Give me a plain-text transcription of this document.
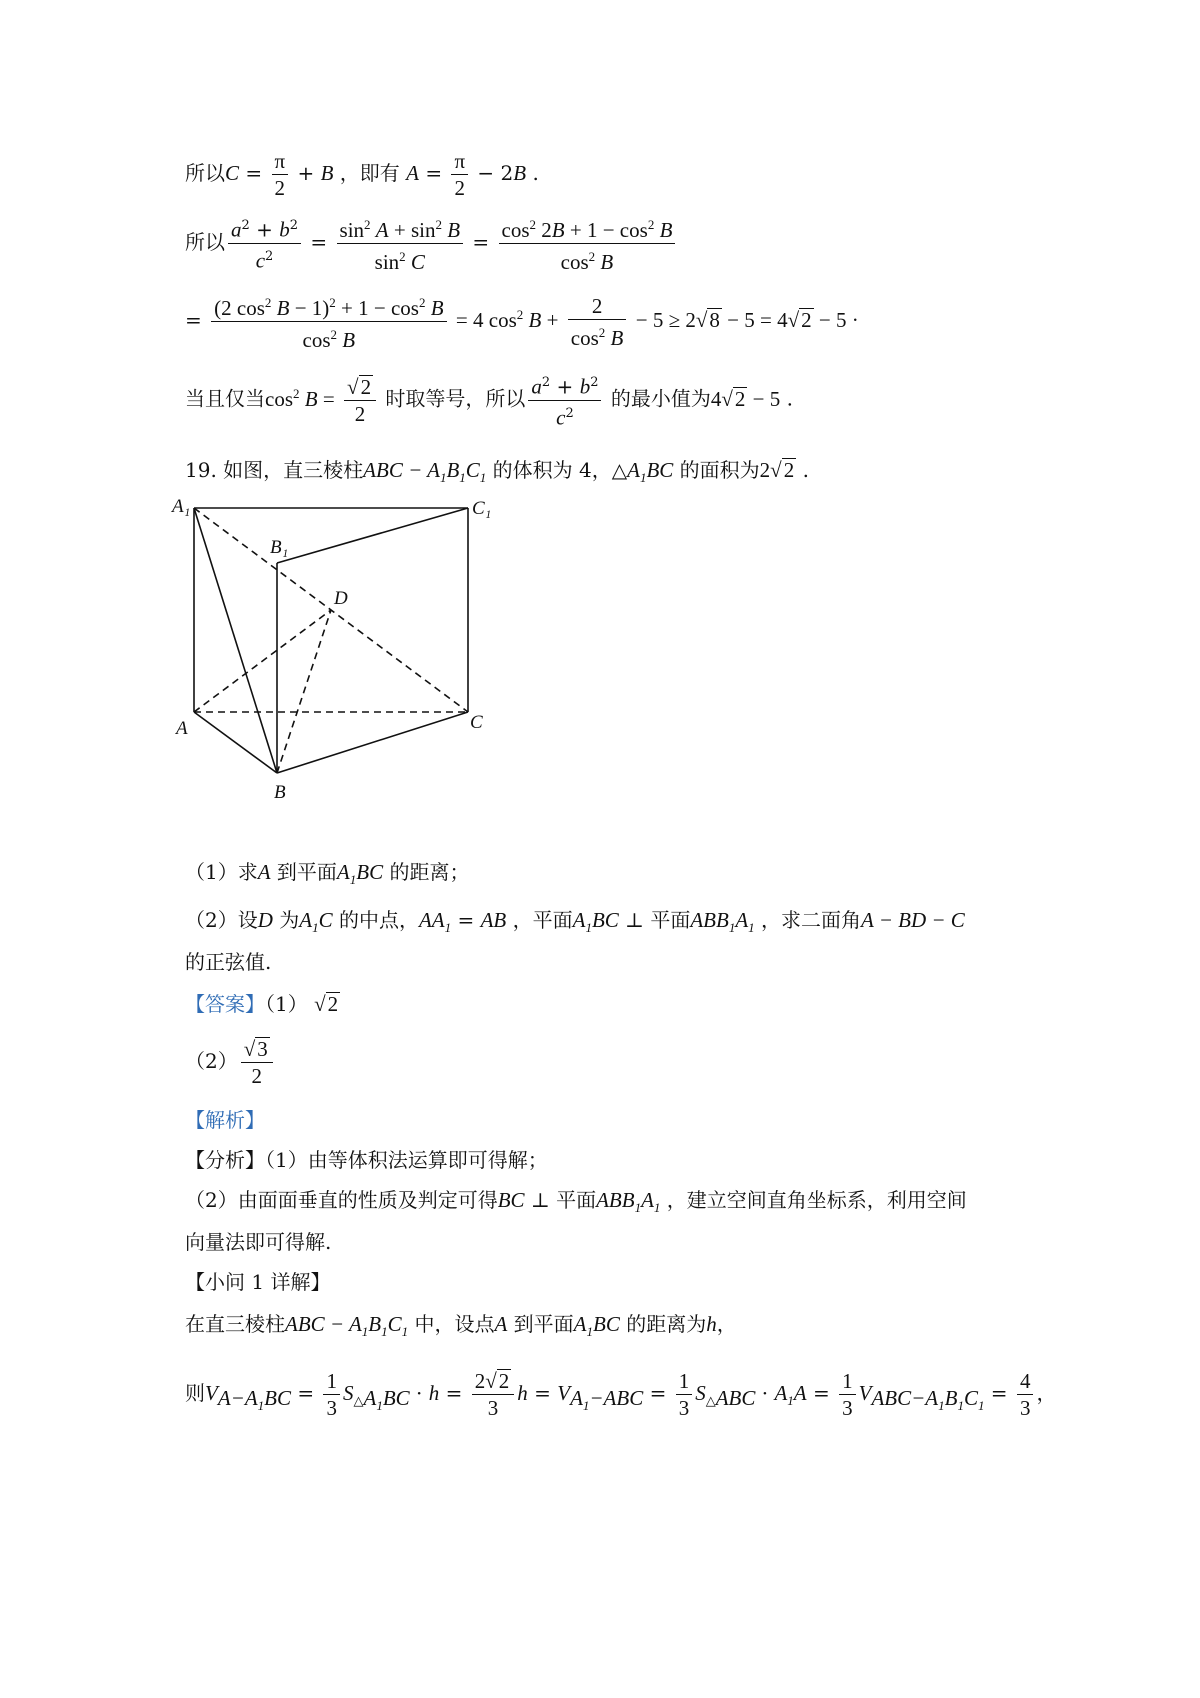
所以$C = \frac{\pi}{2} + B$ ，即有 $A = \frac{\pi}{2} - 2B$ .
所以 $\frac{a^2 + b^2}{c^2} = \frac{\sin^2 A + \sin^2 B}{\sin^2 C} = \frac{\cos^2 2B + 1 - \cos^2 B}{\cos^2 B}$
= $\frac{(2 \cos^2 B - 1)^2 + 1 - \cos^2 B}{\cos^2 B} = 4$ $\cos^2 B + \frac{2}{\cos^2 B} - 5 \ge 2√8 - 5 = 4√2 - 5$ ·
当且仅当$\cos^2 B = \frac{√2}{2}$ 时取等号，所以 $\frac{a^2 + b^2}{c^2}$ 的最小值为4√2 − 5 .
19. 如图，直三棱柱ABC − $A_1B_1C_1$ 的体积为 4，$\triangle A_1BC$ 的面积为2√2 .
A₁
B₁
C₁
D
A
B
C
（1）求A 到平面$A_1BC$ 的距离；
（2）设D 为$A_1C$ 的中点，$AA_1$ = AB ，平面$A_1BC$ ⊥ 平面$ABB_1A_1$ ，求二面角A − BD − C
的正弦值.
【答案】（1） √2
$(2) \frac{√3}{2}$
【解析】
【分析】（1）由等体积法运算即可得解；
（2）由面面垂直的性质及判定可得BC ⊥ 平面$ABB_1A_1$ ，建立空间直角坐标系，利用空间
向量法即可得解.
【小问 1 详解】
在直三棱柱ABC − $A_1B_1C_1$ 中，设点A 到平面$A_1BC$ 的距离为h，
则$V_{A-A_1BC} = \frac{1}{3} S_{\triangle A_1BC} \cdot h = \frac{2√2}{3}$ $h = V_{A_1-ABC} = \frac{1}{3} S_{\triangle ABC} \cdot A_1A = \frac{1}{3} V_{ABC-A_1B_1C_1} = \frac{4}{3}$ ，
